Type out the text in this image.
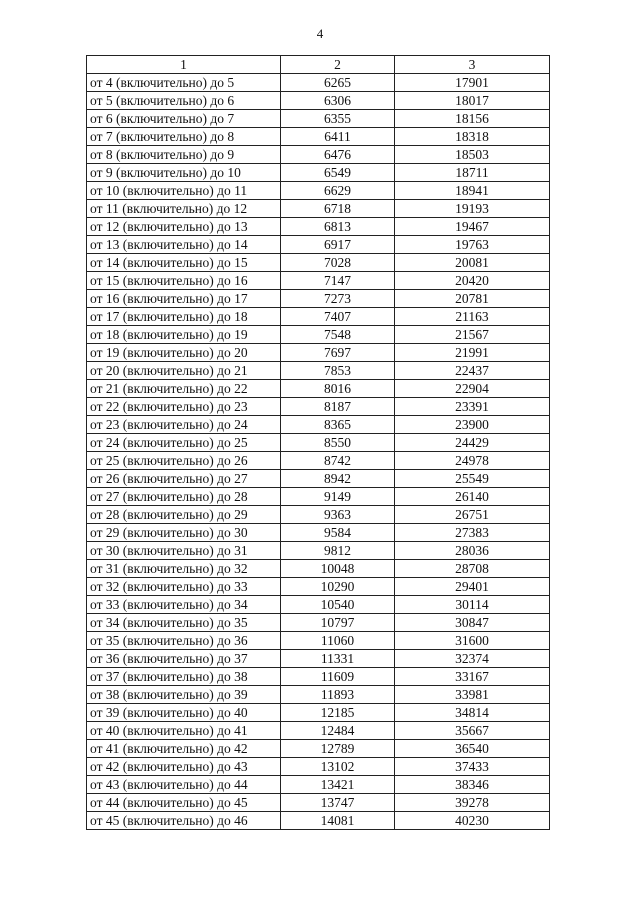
4
1	2	3
от 4 (включительно) до 5	6265	17901
от 5 (включительно) до 6	6306	18017
от 6 (включительно) до 7	6355	18156
от 7 (включительно) до 8	6411	18318
от 8 (включительно) до 9	6476	18503
от 9 (включительно) до 10	6549	18711
от 10 (включительно) до 11	6629	18941
от 11 (включительно) до 12	6718	19193
от 12 (включительно) до 13	6813	19467
от 13 (включительно) до 14	6917	19763
от 14 (включительно) до 15	7028	20081
от 15 (включительно) до 16	7147	20420
от 16 (включительно) до 17	7273	20781
от 17 (включительно) до 18	7407	21163
от 18 (включительно) до 19	7548	21567
от 19 (включительно) до 20	7697	21991
от 20 (включительно) до 21	7853	22437
от 21 (включительно) до 22	8016	22904
от 22 (включительно) до 23	8187	23391
от 23 (включительно) до 24	8365	23900
от 24 (включительно) до 25	8550	24429
от 25 (включительно) до 26	8742	24978
от 26 (включительно) до 27	8942	25549
от 27 (включительно) до 28	9149	26140
от 28 (включительно) до 29	9363	26751
от 29 (включительно) до 30	9584	27383
от 30 (включительно) до 31	9812	28036
от 31 (включительно) до 32	10048	28708
от 32 (включительно) до 33	10290	29401
от 33 (включительно) до 34	10540	30114
от 34 (включительно) до 35	10797	30847
от 35 (включительно) до 36	11060	31600
от 36 (включительно) до 37	11331	32374
от 37 (включительно) до 38	11609	33167
от 38 (включительно) до 39	11893	33981
от 39 (включительно) до 40	12185	34814
от 40 (включительно) до 41	12484	35667
от 41 (включительно) до 42	12789	36540
от 42 (включительно) до 43	13102	37433
от 43 (включительно) до 44	13421	38346
от 44 (включительно) до 45	13747	39278
от 45 (включительно) до 46	14081	40230
